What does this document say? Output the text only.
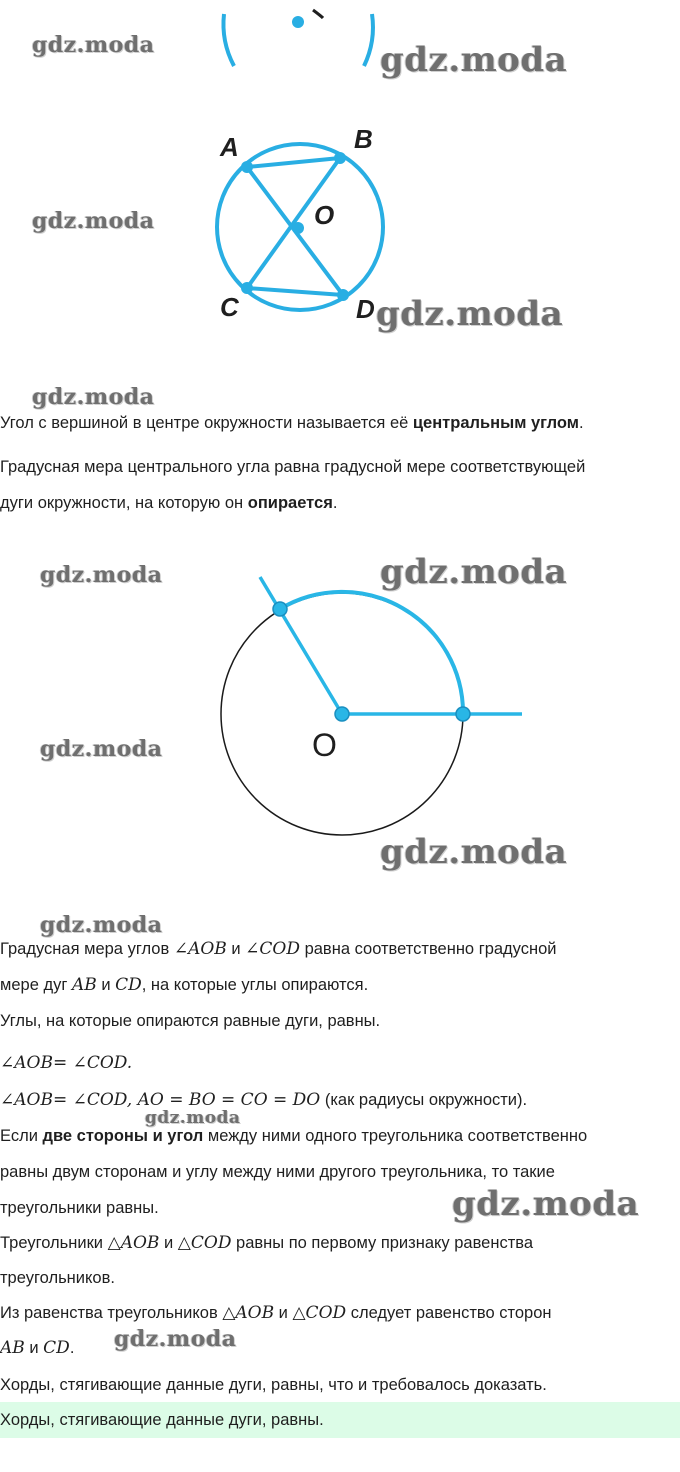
A	B
O
C	D
O
Угол с вершиной в центре окружности называется её центральным углом.
Градусная мера центрального угла равна градусной мере соответствующей
дуги окружности, на которую он опирается.
Градусная мера углов ∠AOB и ∠COD равна соответственно градусной
мере дуг AB и CD, на которые углы опираются.
Углы, на которые опираются равные дуги, равны.
∠AOB= ∠COD.
∠AOB= ∠COD, AO = BO = CO = DO (как радиусы окружности).
Если две стороны и угол между ними одного треугольника соответственно
равны двум сторонам и углу между ними другого треугольника, то такие
треугольники равны.
Треугольники △AOB и △COD равны по первому признаку равенства
треугольников.
Из равенства треугольников △AOB и △COD следует равенство сторон
AB и CD.
Хорды, стягивающие данные дуги, равны, что и требовалось доказать.
Хорды, стягивающие данные дуги, равны.
gdz.moda	gdz.moda
gdz.moda
gdz.moda
gdz.moda
gdz.moda	gdz.moda
gdz.moda
gdz.moda
gdz.moda
gdz.moda
gdz.moda
gdz.moda
